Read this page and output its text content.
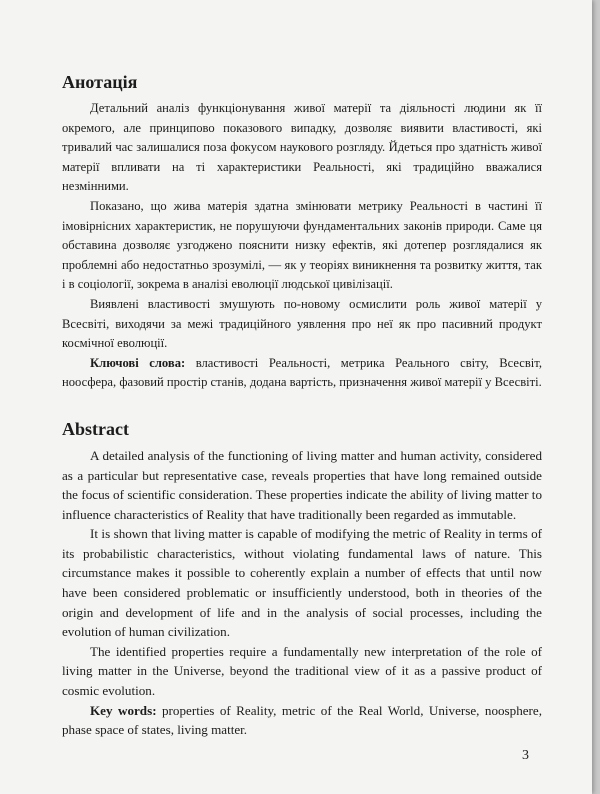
Анотація

Детальний аналіз функціонування живої матерії та діяльності людини як її окремого, але принципово показового випадку, дозволяє виявити властивості, які тривалий час залишалися поза фокусом наукового розгляду. Йдеться про здатність живої матерії впливати на ті характеристики Реальності, які традиційно вважалися незмінними.

Показано, що жива матерія здатна змінювати метрику Реальності в частині її імовірнісних характеристик, не порушуючи фундаментальних законів природи. Саме ця обставина дозволяє узгоджено пояснити низку ефектів, які дотепер розглядалися як проблемні або недостатньо зрозумілі, — як у теоріях виникнення та розвитку життя, так і в соціології, зокрема в аналізі еволюції людської цивілізації.

Виявлені властивості змушують по-новому осмислити роль живої матерії у Всесвіті, виходячи за межі традиційного уявлення про неї як про пасивний продукт космічної еволюції.

Ключові слова: властивості Реальності, метрика Реального світу, Всесвіт, ноосфера, фазовий простір станів, додана вартість, призначення живої матерії у Всесвіті.

Abstract

A detailed analysis of the functioning of living matter and human activity, considered as a particular but representative case, reveals properties that have long remained outside the focus of scientific consideration. These properties indicate the ability of living matter to influence characteristics of Reality that have traditionally been regarded as immutable.

It is shown that living matter is capable of modifying the metric of Reality in terms of its probabilistic characteristics, without violating fundamental laws of nature. This circumstance makes it possible to coherently explain a number of effects that until now have been considered problematic or insufficiently understood, both in theories of the origin and development of life and in the analysis of social processes, including the evolution of human civilization.

The identified properties require a fundamentally new interpretation of the role of living matter in the Universe, beyond the traditional view of it as a passive product of cosmic evolution.

Key words: properties of Reality, metric of the Real World, Universe, noosphere, phase space of states, living matter.

3
